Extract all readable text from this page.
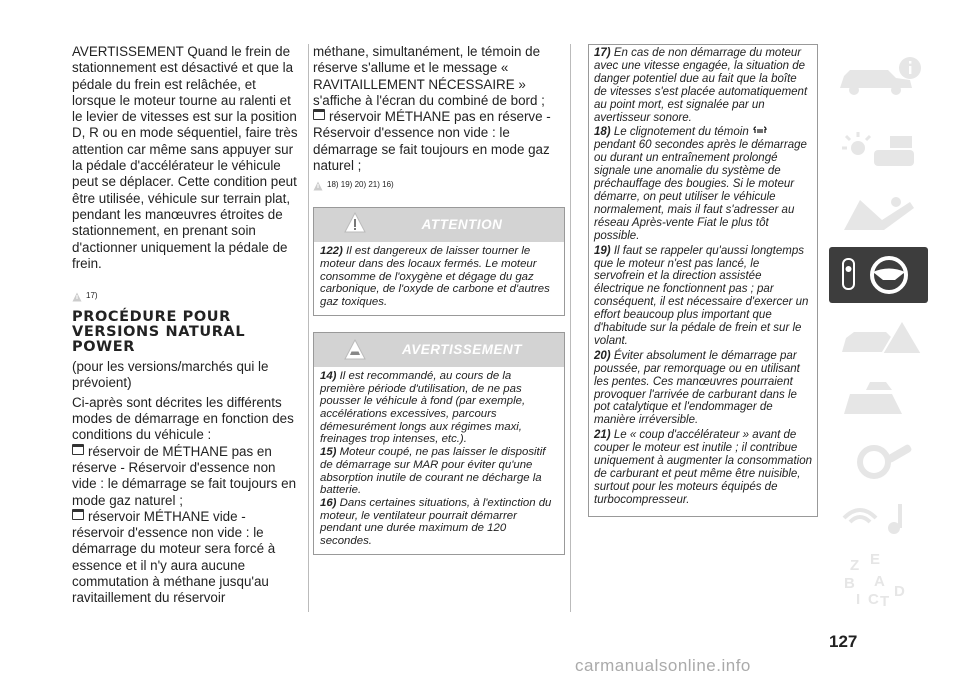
AVERTISSEMENT Quand le frein de stationnement est désactivé et que la pédale du frein est relâchée, et lorsque le moteur tourne au ralenti et le levier de vitesses est sur la position D, R ou en mode séquentiel, faire très attention car même sans appuyer sur la pédale d'accélérateur le véhicule peut se déplacer. Cette condition peut être utilisée, véhicule sur terrain plat, pendant les manœuvres étroites de stationnement, en prenant soin d'actionner uniquement la pédale de frein.

17)
PROCÉDURE POUR VERSIONS NATURAL POWER

(pour les versions/marchés qui le prévoient)

Ci-après sont décrites les différents modes de démarrage en fonction des conditions du véhicule :

réservoir de MÉTHANE pas en réserve - Réservoir d'essence non vide : le démarrage se fait toujours en mode gaz naturel ;

réservoir MÉTHANE vide - réservoir d'essence non vide : le démarrage du moteur sera forcé à essence et il n'y aura aucune commutation à méthane jusqu'au ravitaillement du réservoir

méthane, simultanément, le témoin de réserve s'allume et le message « RAVITAILLEMENT NÉCESSAIRE » s'affiche à l'écran du combiné de bord ;

réservoir MÉTHANE pas en réserve - Réservoir d'essence non vide : le démarrage se fait toujours en mode gaz naturel ;

18) 19) 20) 21) 16)
ATTENTION

122) Il est dangereux de laisser tourner le moteur dans des locaux fermés. Le moteur consomme de l'oxygène et dégage du gaz carbonique, de l'oxyde de carbone et d'autres gaz toxiques.

AVERTISSEMENT

14) Il est recommandé, au cours de la première période d'utilisation, de ne pas pousser le véhicule à fond (par exemple, accélérations excessives, parcours démesurément longs aux régimes maxi, freinages trop intenses, etc.).

15) Moteur coupé, ne pas laisser le dispositif de démarrage sur MAR pour éviter qu'une absorption inutile de courant ne décharge la batterie.

16) Dans certaines situations, à l'extinction du moteur, le ventilateur pourrait démarrer pendant une durée maximum de 120 secondes.

17) En cas de non démarrage du moteur avec une vitesse engagée, la situation de danger potentiel due au fait que la boîte de vitesses s'est placée automatiquement au point mort, est signalée par un avertisseur sonore.

18) Le clignotement du témoin  pendant 60 secondes après le démarrage ou durant un entraînement prolongé signale une anomalie du système de préchauffage des bougies. Si le moteur démarre, on peut utiliser le véhicule normalement, mais il faut s'adresser au réseau Après-vente Fiat le plus tôt possible.

19) Il faut se rappeler qu'aussi longtemps que le moteur n'est pas lancé, le servofrein et la direction assistée électrique ne fonctionnent pas ; par conséquent, il est nécessaire d'exercer un effort beaucoup plus important que d'habitude sur la pédale de frein et sur le volant.

20) Éviter absolument le démarrage par poussée, par remorquage ou en utilisant les pentes. Ces manœuvres pourraient provoquer l'arrivée de carburant dans le pot catalytique et l'endommager de manière irréversible.

21) Le « coup d'accélérateur » avant de couper le moteur est inutile ; il contribue uniquement à augmenter la consommation de carburant et peut même être nuisible, surtout pour les moteurs équipés de turbocompresseur.

Z E
B A
D
I C T
127
carmanualsonline.info
